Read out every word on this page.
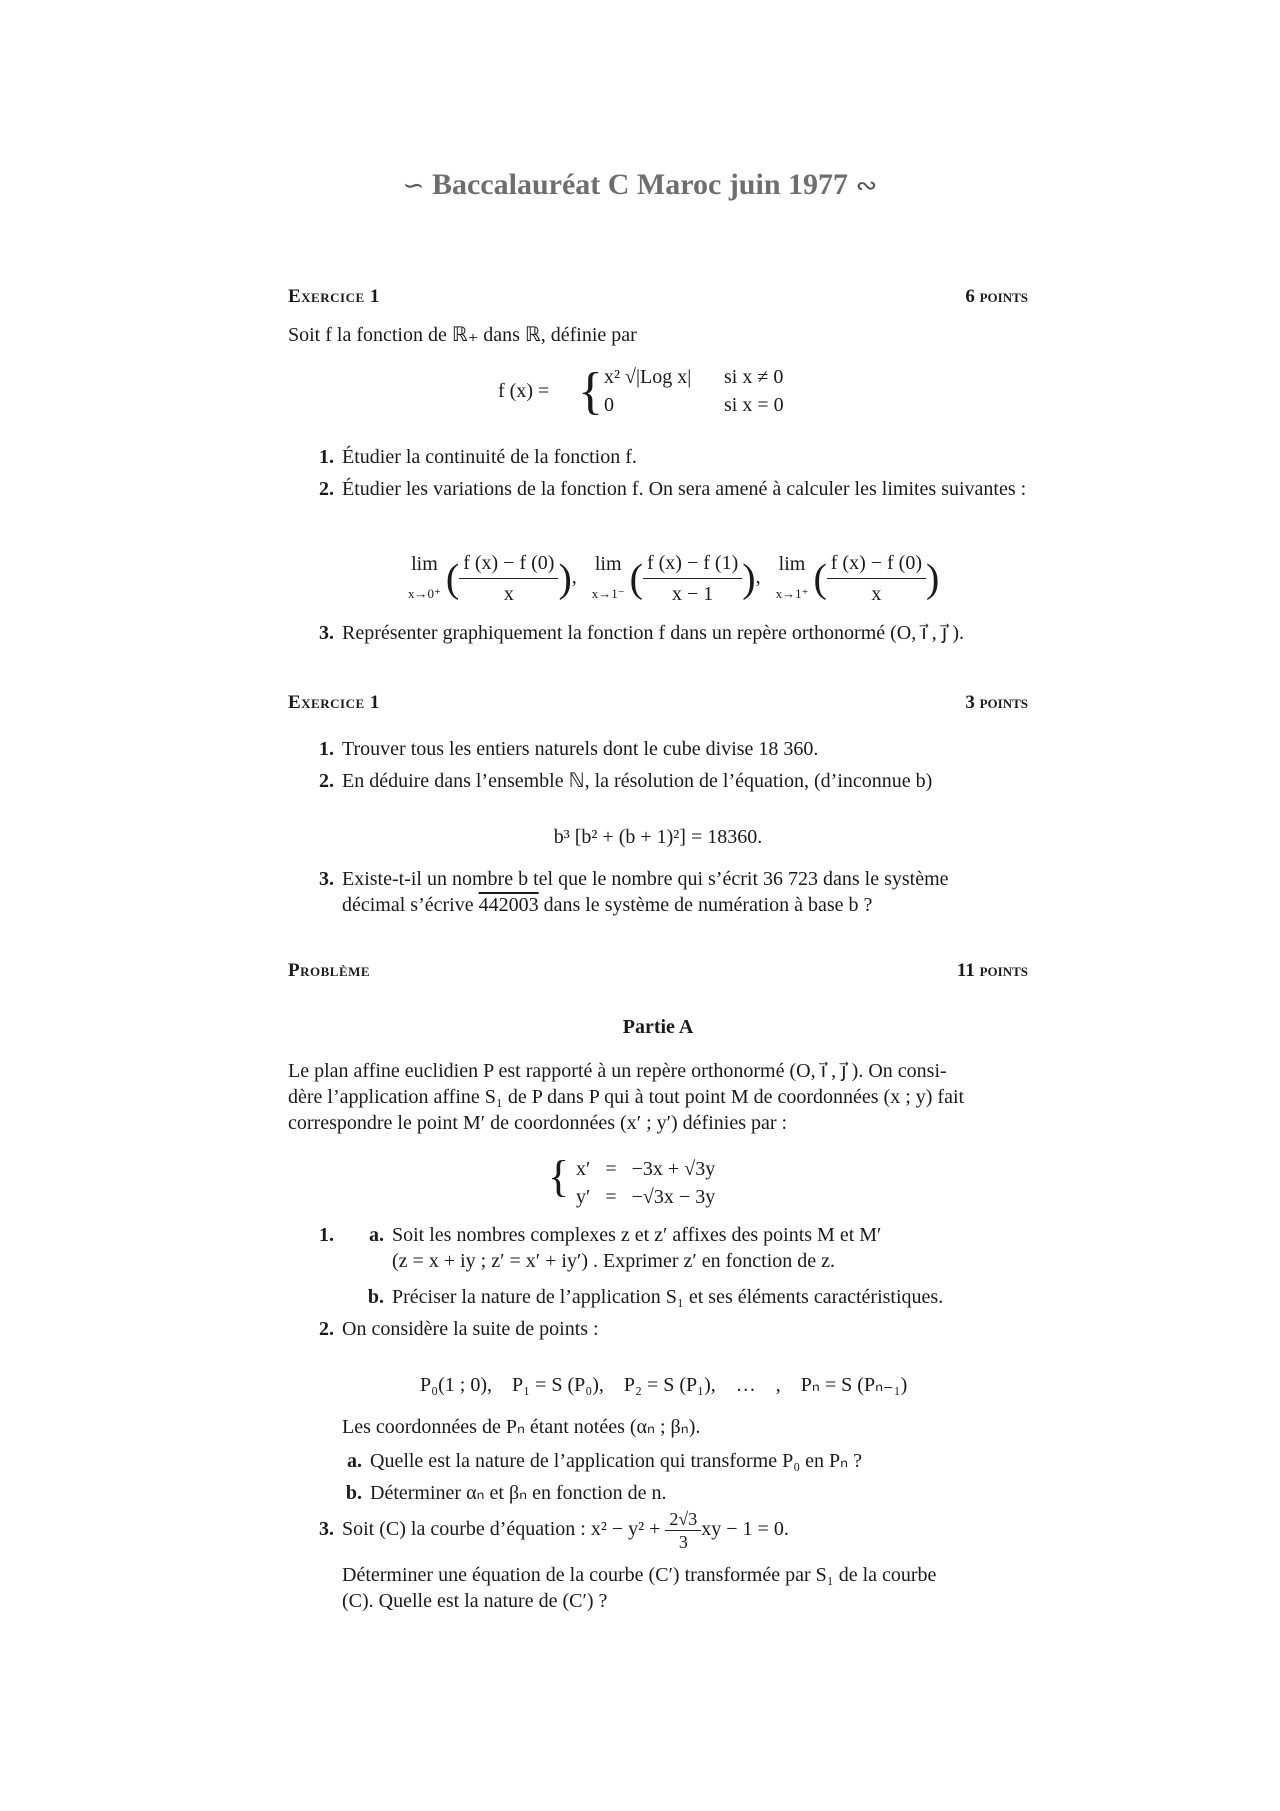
∽ Baccalauréat C Maroc juin 1977 ∾
Exercice 1	6 points
Soit f la fonction de ℝ₊ dans ℝ, définie par
f (x) = { x² √|Log x| si x ≠ 0
0	si x = 0
1. Étudier la continuité de la fonction f.
2. Étudier les variations de la fonction f. On sera amené à calculer les limites suivantes :
lim
x→0⁺ ( $\frac{f (x) - f (0)}{x}$ ),   lim
x→1⁻ ( $\frac{f (x) - f (1)}{x - 1}$ ),   lim
x→1⁺ ( $\frac{f (x) - f (0)}{x}$ )
3. Représenter graphiquement la fonction f dans un repère orthonormé (O, ı⃗ , ȷ⃗ ).
Exercice 1	3 points
1. Trouver tous les entiers naturels dont le cube divise 18 360.
2. En déduire dans l’ensemble ℕ, la résolution de l’équation, (d’inconnue b)
b³ [b² + (b + 1)²] = 18360.
3. Existe-t-il un nombre b tel que le nombre qui s’écrit 36 723 dans le système
décimal s’écrive 442003 dans le système de numération à base b ?
Problème	11 points
Partie A
Le plan affine euclidien P est rapporté à un repère orthonormé (O, ı⃗ , ȷ⃗ ). On consi-
dère l’application affine S₁ de P dans P qui à tout point M de coordonnées (x ; y) fait
correspondre le point M′ de coordonnées (x′ ; y′) définies par :
{ x′   =   −3x + √3y
y′   =   −√3x − 3y
1.	a. Soit les nombres complexes z et z′ affixes des points M et M′
(z = x + iy ; z′ = x′ + iy′) . Exprimer z′ en fonction de z.
b. Préciser la nature de l’application S₁ et ses éléments caractéristiques.
2. On considère la suite de points :
P₀(1 ; 0),    P₁ = S (P₀),    P₂ = S (P₁),    …    ,    Pₙ = S (Pₙ₋₁)
Les coordonnées de Pₙ étant notées (αₙ ; βₙ).
a. Quelle est la nature de l’application qui transforme P₀ en Pₙ ?
b. Déterminer αₙ et βₙ en fonction de n.
3. Soit (C) la courbe d’équation : $x^2 - y^2 + \frac{2√3}{3}$ xy − 1 = 0.
Déterminer une équation de la courbe (C′) transformée par S₁ de la courbe
(C). Quelle est la nature de (C′) ?
